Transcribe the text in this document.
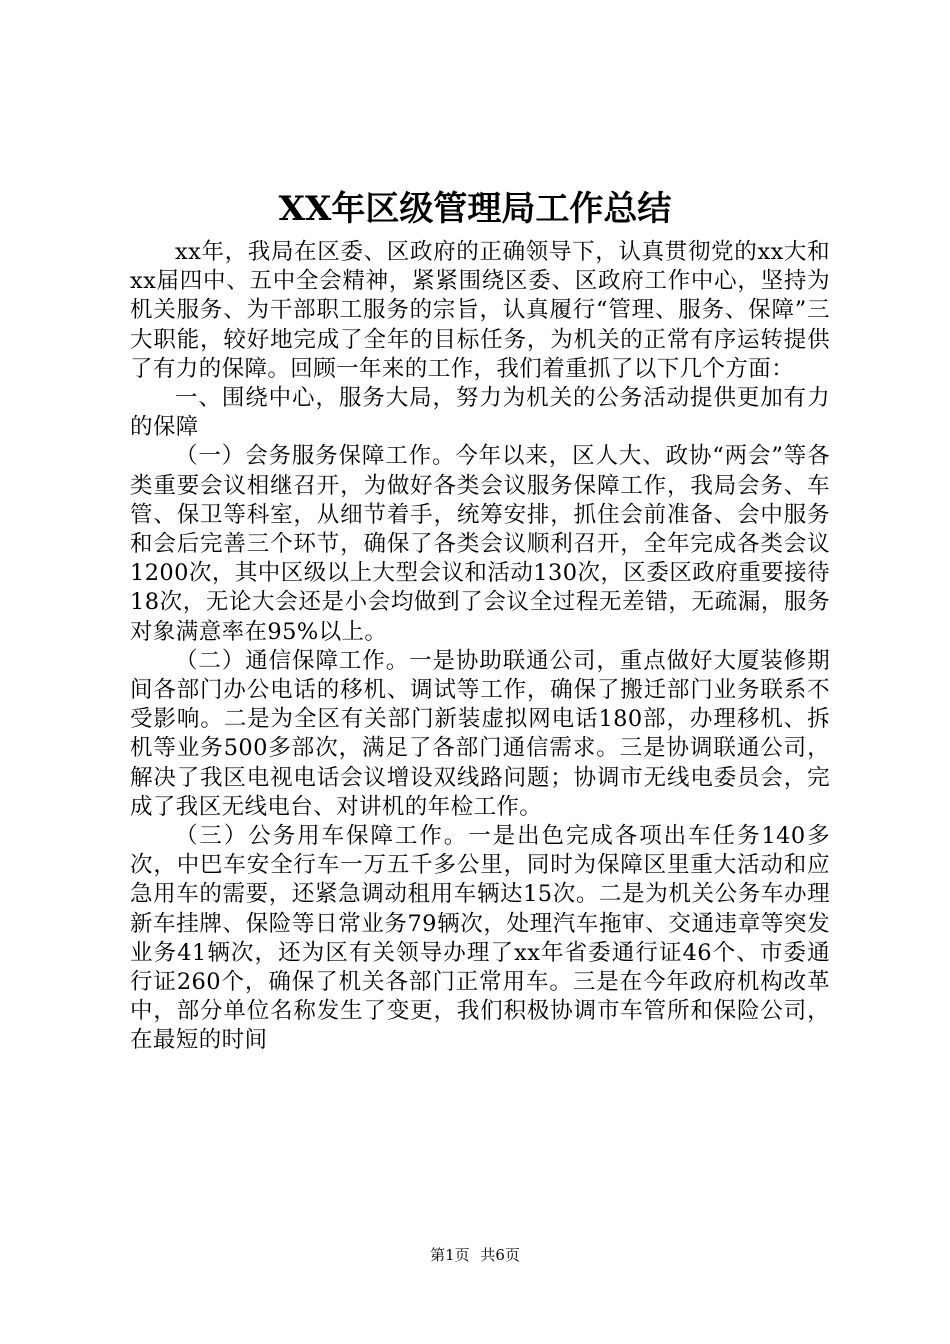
XX年区级管理局工作总结

xx年，我局在区委、区政府的正确领导下，认真贯彻党的xx大和xx届四中、五中全会精神，紧紧围绕区委、区政府工作中心，坚持为机关服务、为干部职工服务的宗旨，认真履行“管理、服务、保障”三大职能，较好地完成了全年的目标任务，为机关的正常有序运转提供了有力的保障。回顾一年来的工作，我们着重抓了以下几个方面：

一、围绕中心，服务大局，努力为机关的公务活动提供更加有力的保障

（一）会务服务保障工作。今年以来，区人大、政协“两会”等各类重要会议相继召开，为做好各类会议服务保障工作，我局会务、车管、保卫等科室，从细节着手，统筹安排，抓住会前准备、会中服务和会后完善三个环节，确保了各类会议顺利召开，全年完成各类会议1200次，其中区级以上大型会议和活动130次，区委区政府重要接待18次，无论大会还是小会均做到了会议全过程无差错，无疏漏，服务对象满意率在95%以上。

（二）通信保障工作。一是协助联通公司，重点做好大厦装修期间各部门办公电话的移机、调试等工作，确保了搬迁部门业务联系不受影响。二是为全区有关部门新装虚拟网电话180部，办理移机、拆机等业务500多部次，满足了各部门通信需求。三是协调联通公司，解决了我区电视电话会议增设双线路问题；协调市无线电委员会，完成了我区无线电台、对讲机的年检工作。

（三）公务用车保障工作。一是出色完成各项出车任务140多次，中巴车安全行车一万五千多公里，同时为保障区里重大活动和应急用车的需要，还紧急调动租用车辆达15次。二是为机关公务车办理新车挂牌、保险等日常业务79辆次，处理汽车拖审、交通违章等突发业务41辆次，还为区有关领导办理了xx年省委通行证46个、市委通行证260个，确保了机关各部门正常用车。三是在今年政府机构改革中，部分单位名称发生了变更，我们积极协调市车管所和保险公司，在最短的时间

第1页 共6页
